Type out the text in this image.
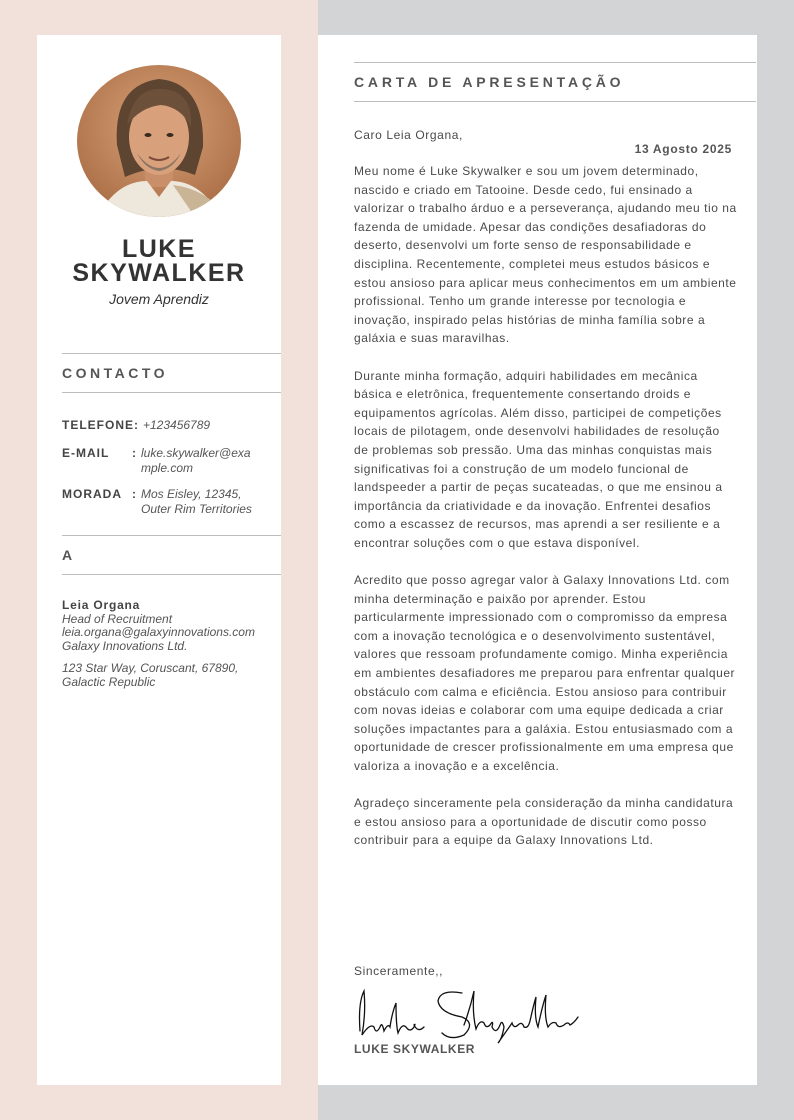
LUKE
SKYWALKER
Jovem Aprendiz
CONTACTO
TELEFONE: +123456789
E-MAIL : luke.skywalker@exa
mple.com
MORADA : Mos Eisley, 12345,
Outer Rim Territories
A
Leia Organa
Head of Recruitment
leia.organa@galaxyinnovations.com
Galaxy Innovations Ltd.
123 Star Way, Coruscant, 67890,
Galactic Republic
CARTA DE APRESENTAÇÃO
Caro Leia Organa,
13 Agosto 2025

Meu nome é Luke Skywalker e sou um jovem determinado, nascido e criado em Tatooine. Desde cedo, fui ensinado a valorizar o trabalho árduo e a perseverança, ajudando meu tio na fazenda de umidade. Apesar das condições desafiadoras do deserto, desenvolvi um forte senso de responsabilidade e disciplina. Recentemente, completei meus estudos básicos e estou ansioso para aplicar meus conhecimentos em um ambiente profissional. Tenho um grande interesse por tecnologia e inovação, inspirado pelas histórias de minha família sobre a galáxia e suas maravilhas.

Durante minha formação, adquiri habilidades em mecânica básica e eletrônica, frequentemente consertando droids e equipamentos agrícolas. Além disso, participei de competições locais de pilotagem, onde desenvolvi habilidades de resolução de problemas sob pressão. Uma das minhas conquistas mais significativas foi a construção de um modelo funcional de landspeeder a partir de peças sucateadas, o que me ensinou a importância da criatividade e da inovação. Enfrentei desafios como a escassez de recursos, mas aprendi a ser resiliente e a encontrar soluções com o que estava disponível.

Acredito que posso agregar valor à Galaxy Innovations Ltd. com minha determinação e paixão por aprender. Estou particularmente impressionado com o compromisso da empresa com a inovação tecnológica e o desenvolvimento sustentável, valores que ressoam profundamente comigo. Minha experiência em ambientes desafiadores me preparou para enfrentar qualquer obstáculo com calma e eficiência. Estou ansioso para contribuir com novas ideias e colaborar com uma equipe dedicada a criar soluções impactantes para a galáxia. Estou entusiasmado com a oportunidade de crescer profissionalmente em uma empresa que valoriza a inovação e a excelência.

Agradeço sinceramente pela consideração da minha candidatura e estou ansioso para a oportunidade de discutir como posso contribuir para a equipe da Galaxy Innovations Ltd.

Sinceramente,,
LUKE SKYWALKER
